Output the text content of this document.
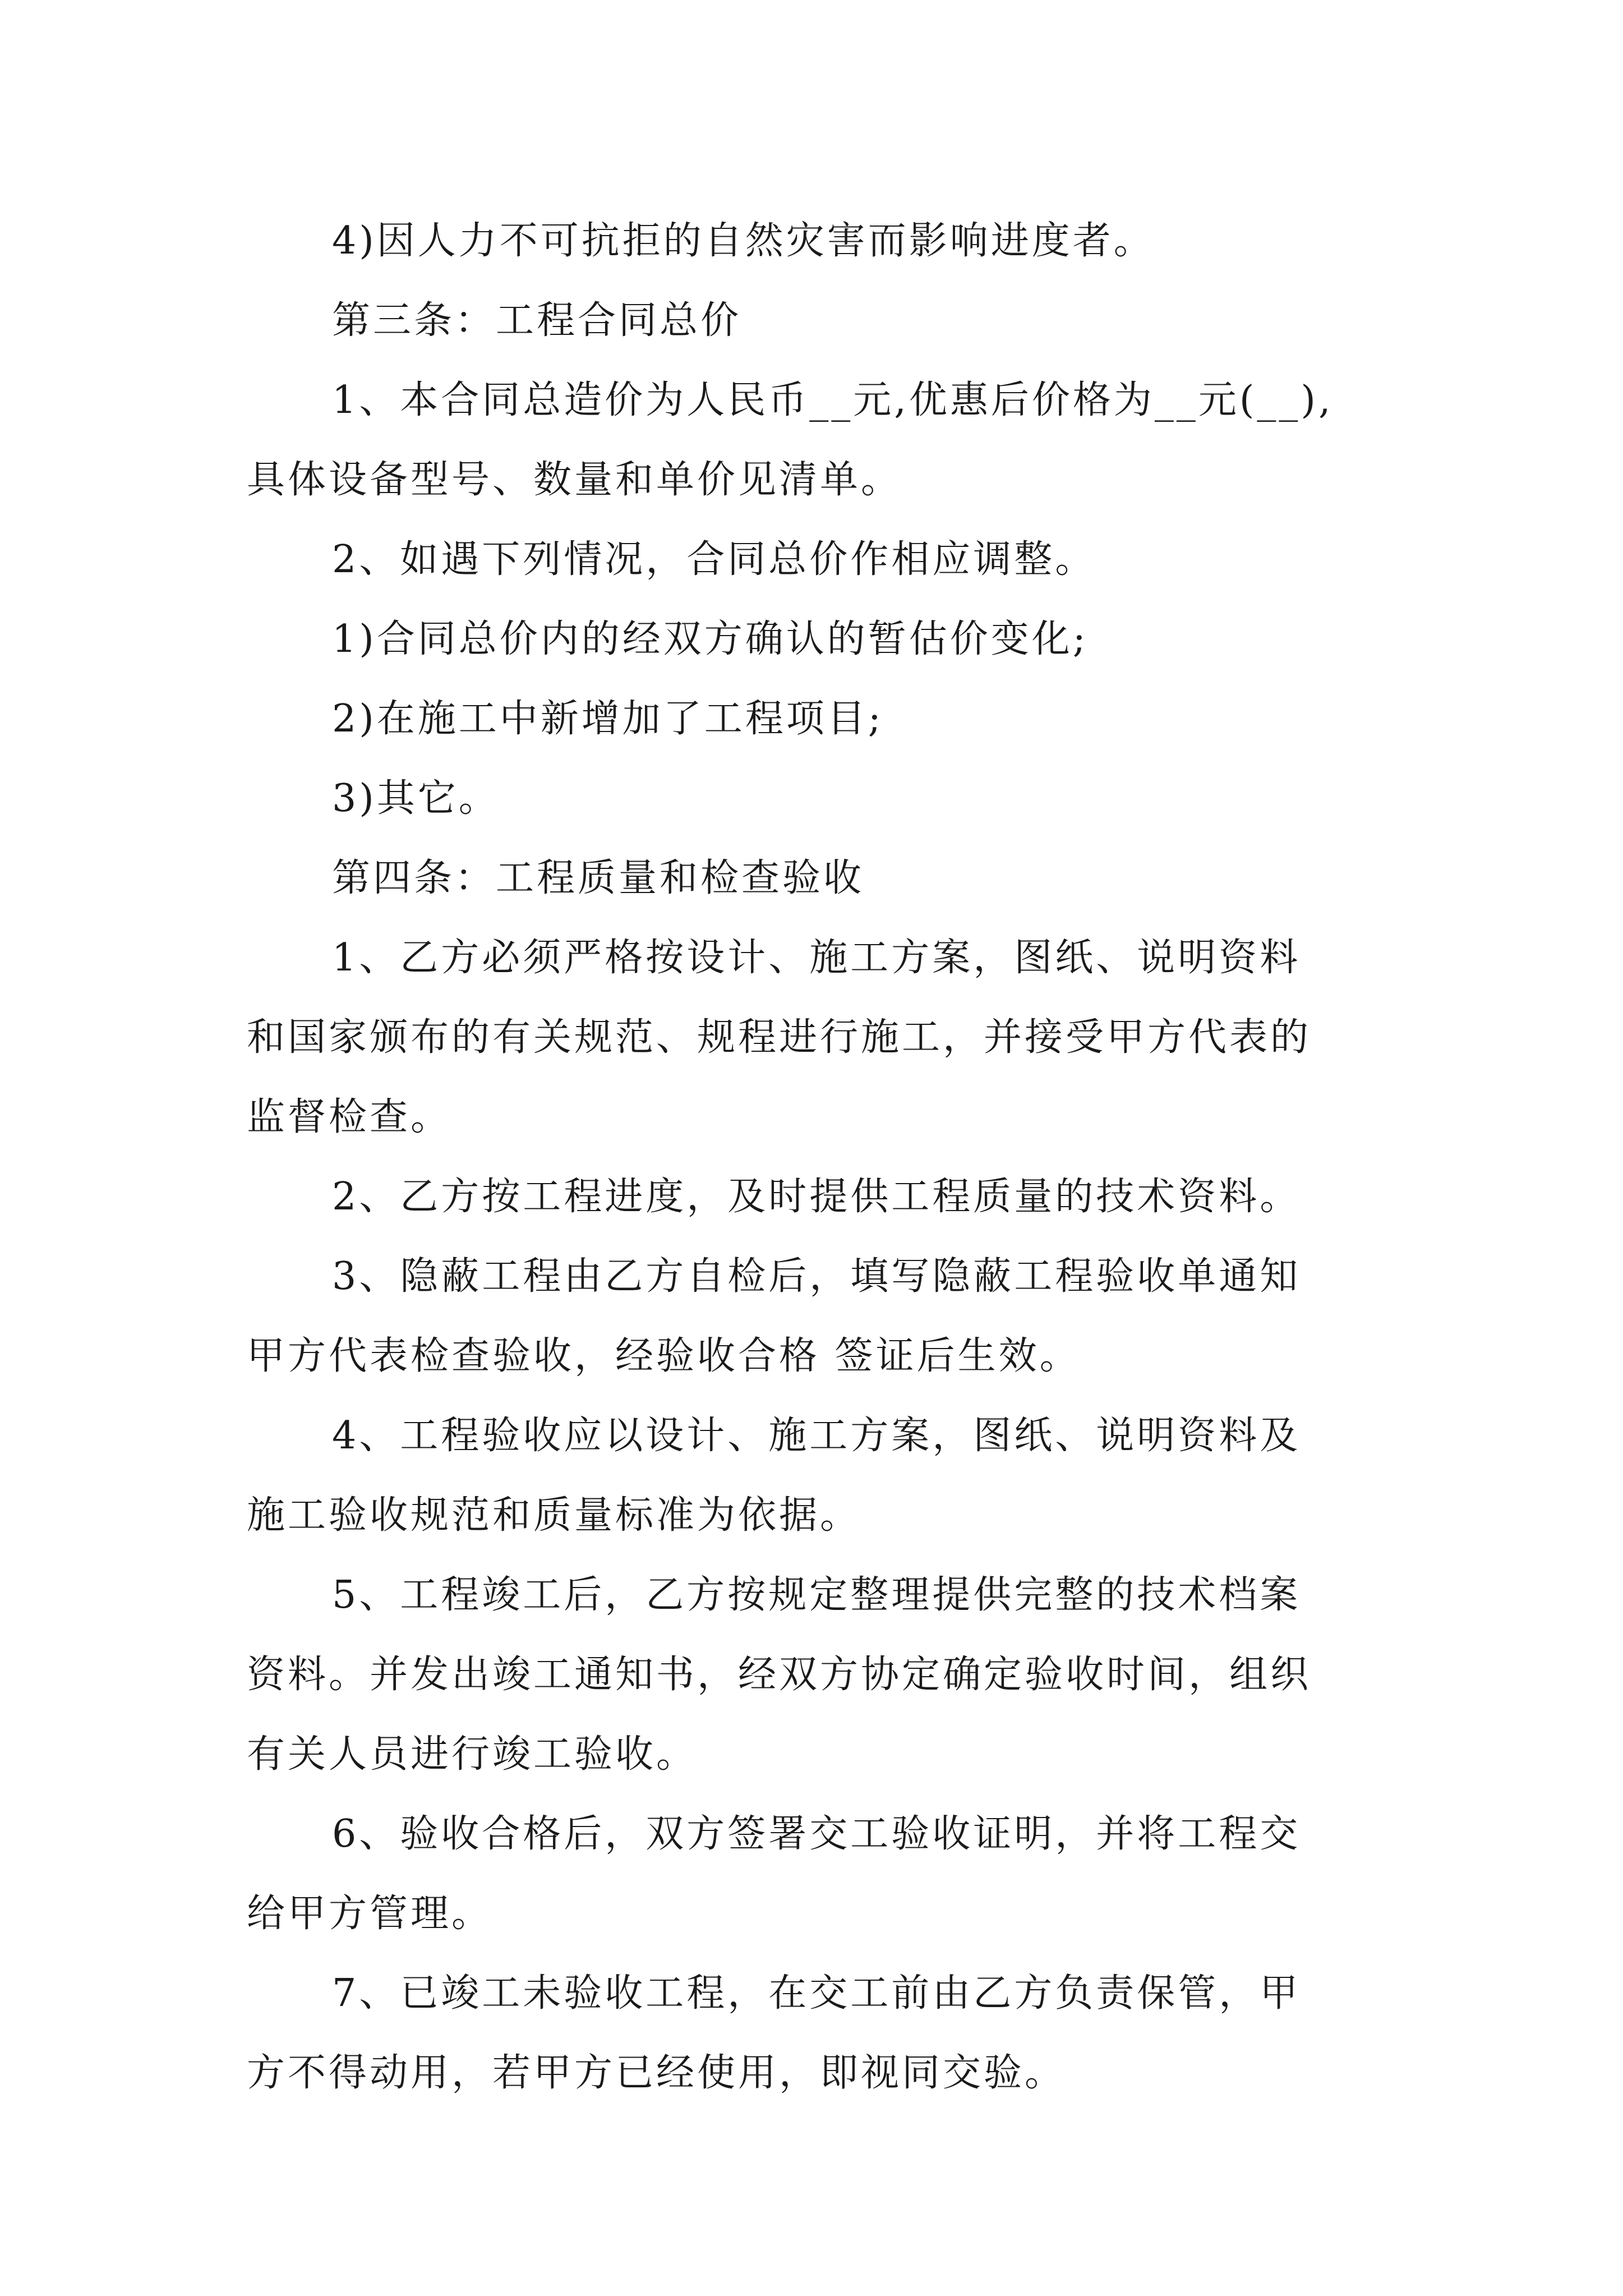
4)因人力不可抗拒的自然灾害而影响进度者。
第三条：工程合同总价
1、本合同总造价为人民币__元,优惠后价格为__元(__),
具体设备型号、数量和单价见清单。
2、如遇下列情况，合同总价作相应调整。
1)合同总价内的经双方确认的暂估价变化;
2)在施工中新增加了工程项目;
3)其它。
第四条：工程质量和检查验收
1、乙方必须严格按设计、施工方案，图纸、说明资料
和国家颁布的有关规范、规程进行施工，并接受甲方代表的
监督检查。
2、乙方按工程进度，及时提供工程质量的技术资料。
3、隐蔽工程由乙方自检后，填写隐蔽工程验收单通知
甲方代表检查验收，经验收合格 签证后生效。
4、工程验收应以设计、施工方案，图纸、说明资料及
施工验收规范和质量标准为依据。
5、工程竣工后，乙方按规定整理提供完整的技术档案
资料。并发出竣工通知书，经双方协定确定验收时间，组织
有关人员进行竣工验收。
6、验收合格后，双方签署交工验收证明，并将工程交
给甲方管理。
7、已竣工未验收工程，在交工前由乙方负责保管，甲
方不得动用，若甲方已经使用，即视同交验。
